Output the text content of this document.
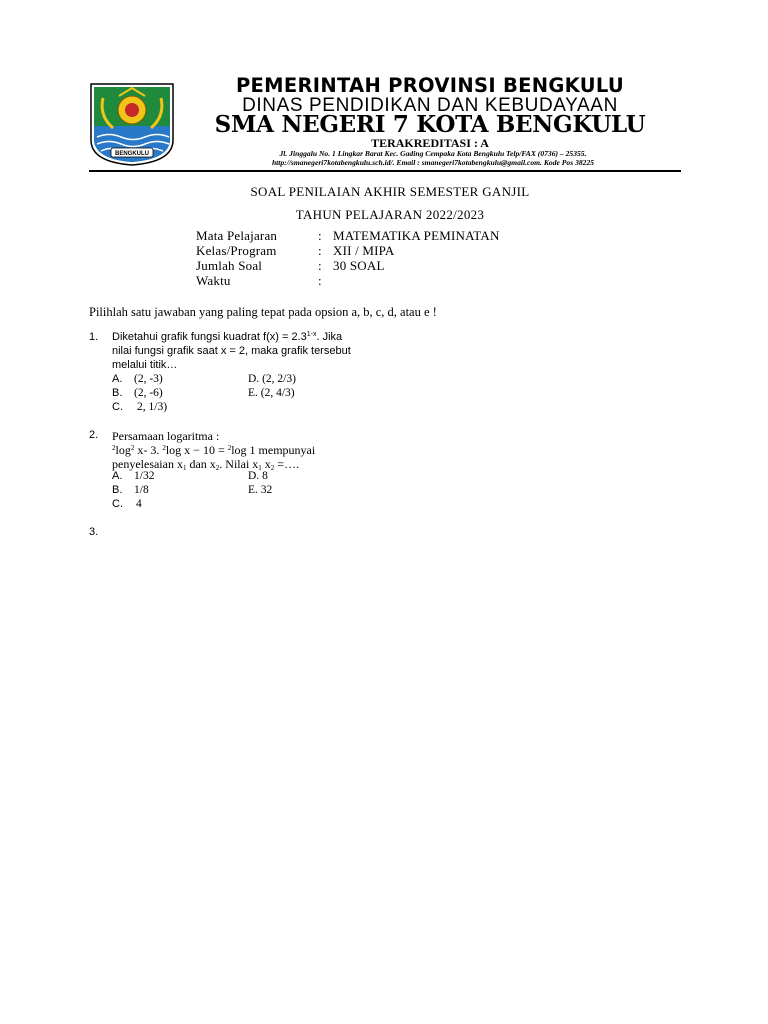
BENGKULU
PEMERINTAH PROVINSI BENGKULU
DINAS PENDIDIKAN DAN KEBUDAYAAN
SMA NEGERI 7 KOTA BENGKULU
TERAKREDITASI : A
Jl. Jinggalu No. 1 Lingkar Barat Kec. Gading Cempaka Kota Bengkulu Telp/FAX (0736) – 25355.
http://smanegeri7kotabengkulu.sch.id/. Email : smanegeri7kotabengkulu@gmail.com. Kode Pos 38225
SOAL PENILAIAN AKHIR SEMESTER GANJIL
TAHUN PELAJARAN 2022/2023
Mata Pelajaran	: MATEMATIKA PEMINATAN
Kelas/Program	: XII / MIPA
Jumlah Soal	: 30 SOAL
Waktu	:
Pilihlah satu jawaban yang paling tepat pada opsion a, b, c, d, atau e !
1. Diketahui grafik fungsi kuadrat $f(x) = 2.3^{1-x}$. Jika
nilai fungsi grafik saat x = 2, maka grafik tersebut
melalui titik…
A. (2, -3)
B. (2, -6)
C. 2, 1/3)
D. (2, 2/3)
E. (2, 4/3)
2. Persamaan logaritma :
$^2\log^2$ x- 3. $^2$log x − 10 = $^2$log 1 mempunyai
penyelesaian $x_1$ dan $x_2$. Nilai $x_1$ $x_2$ =….
A. 1/32
B. 1/8
C. 4
D. 8
E. 32
3.
